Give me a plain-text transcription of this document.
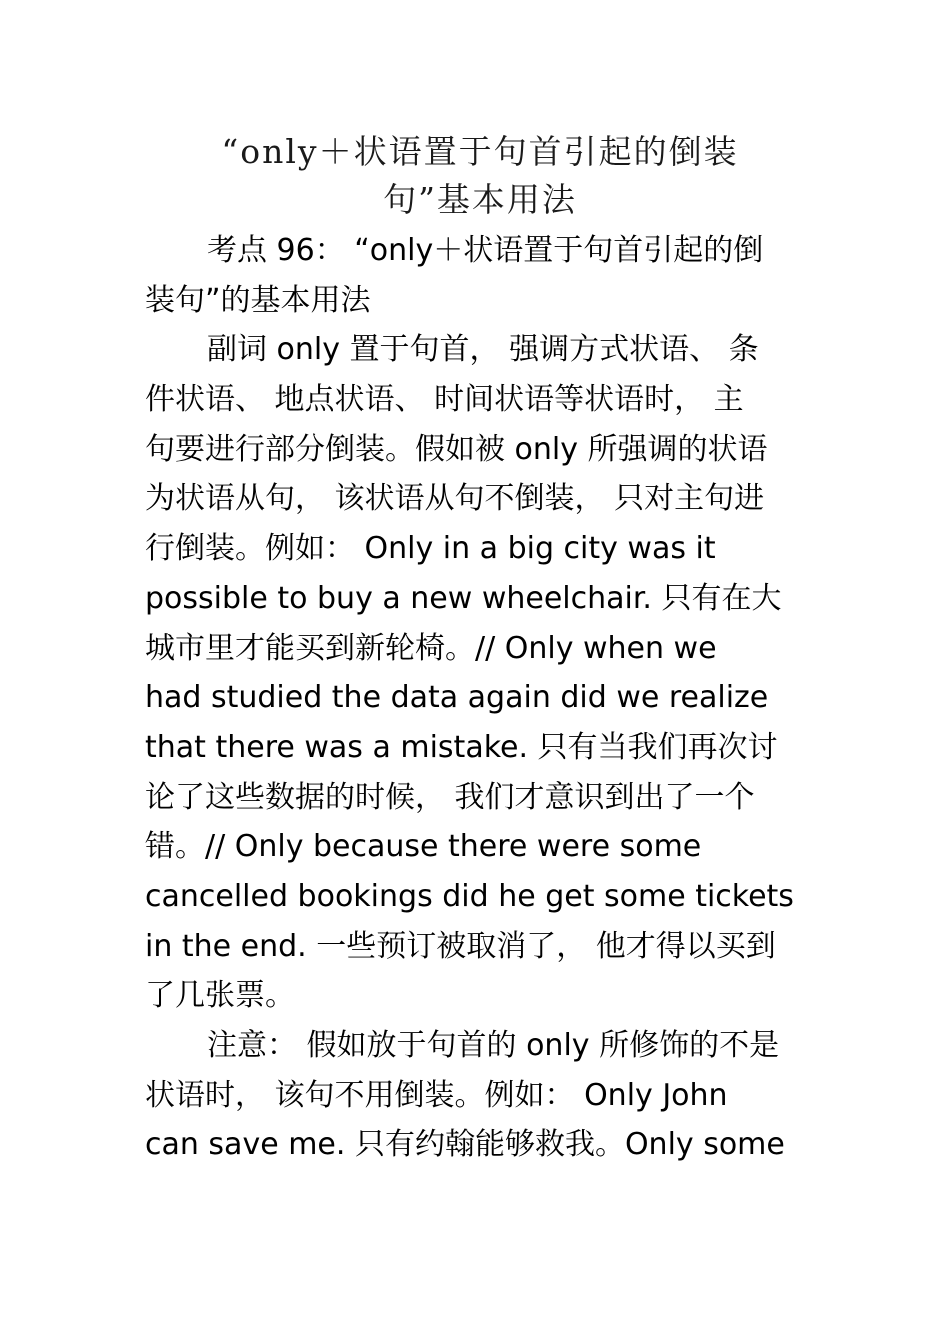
“only＋状语置于句首引起的倒装
句”基本用法
考点 96： “only＋状语置于句首引起的倒
装句”的基本用法
副词 only 置于句首， 强调方式状语、 条
件状语、 地点状语、 时间状语等状语时， 主
句要进行部分倒装。假如被 only 所强调的状语
为状语从句， 该状语从句不倒装， 只对主句进
行倒装。例如： Only in a big city was it
possible to buy a new wheelchair. 只有在大
城市里才能买到新轮椅。// Only when we
had studied the data again did we realize
that there was a mistake. 只有当我们再次讨
论了这些数据的时候， 我们才意识到出了一个
错。// Only because there were some
cancelled bookings did he get some tickets
in the end. 一些预订被取消了， 他才得以买到
了几张票。
注意： 假如放于句首的 only 所修饰的不是
状语时， 该句不用倒装。例如： Only John
can save me. 只有约翰能够救我。Only some
